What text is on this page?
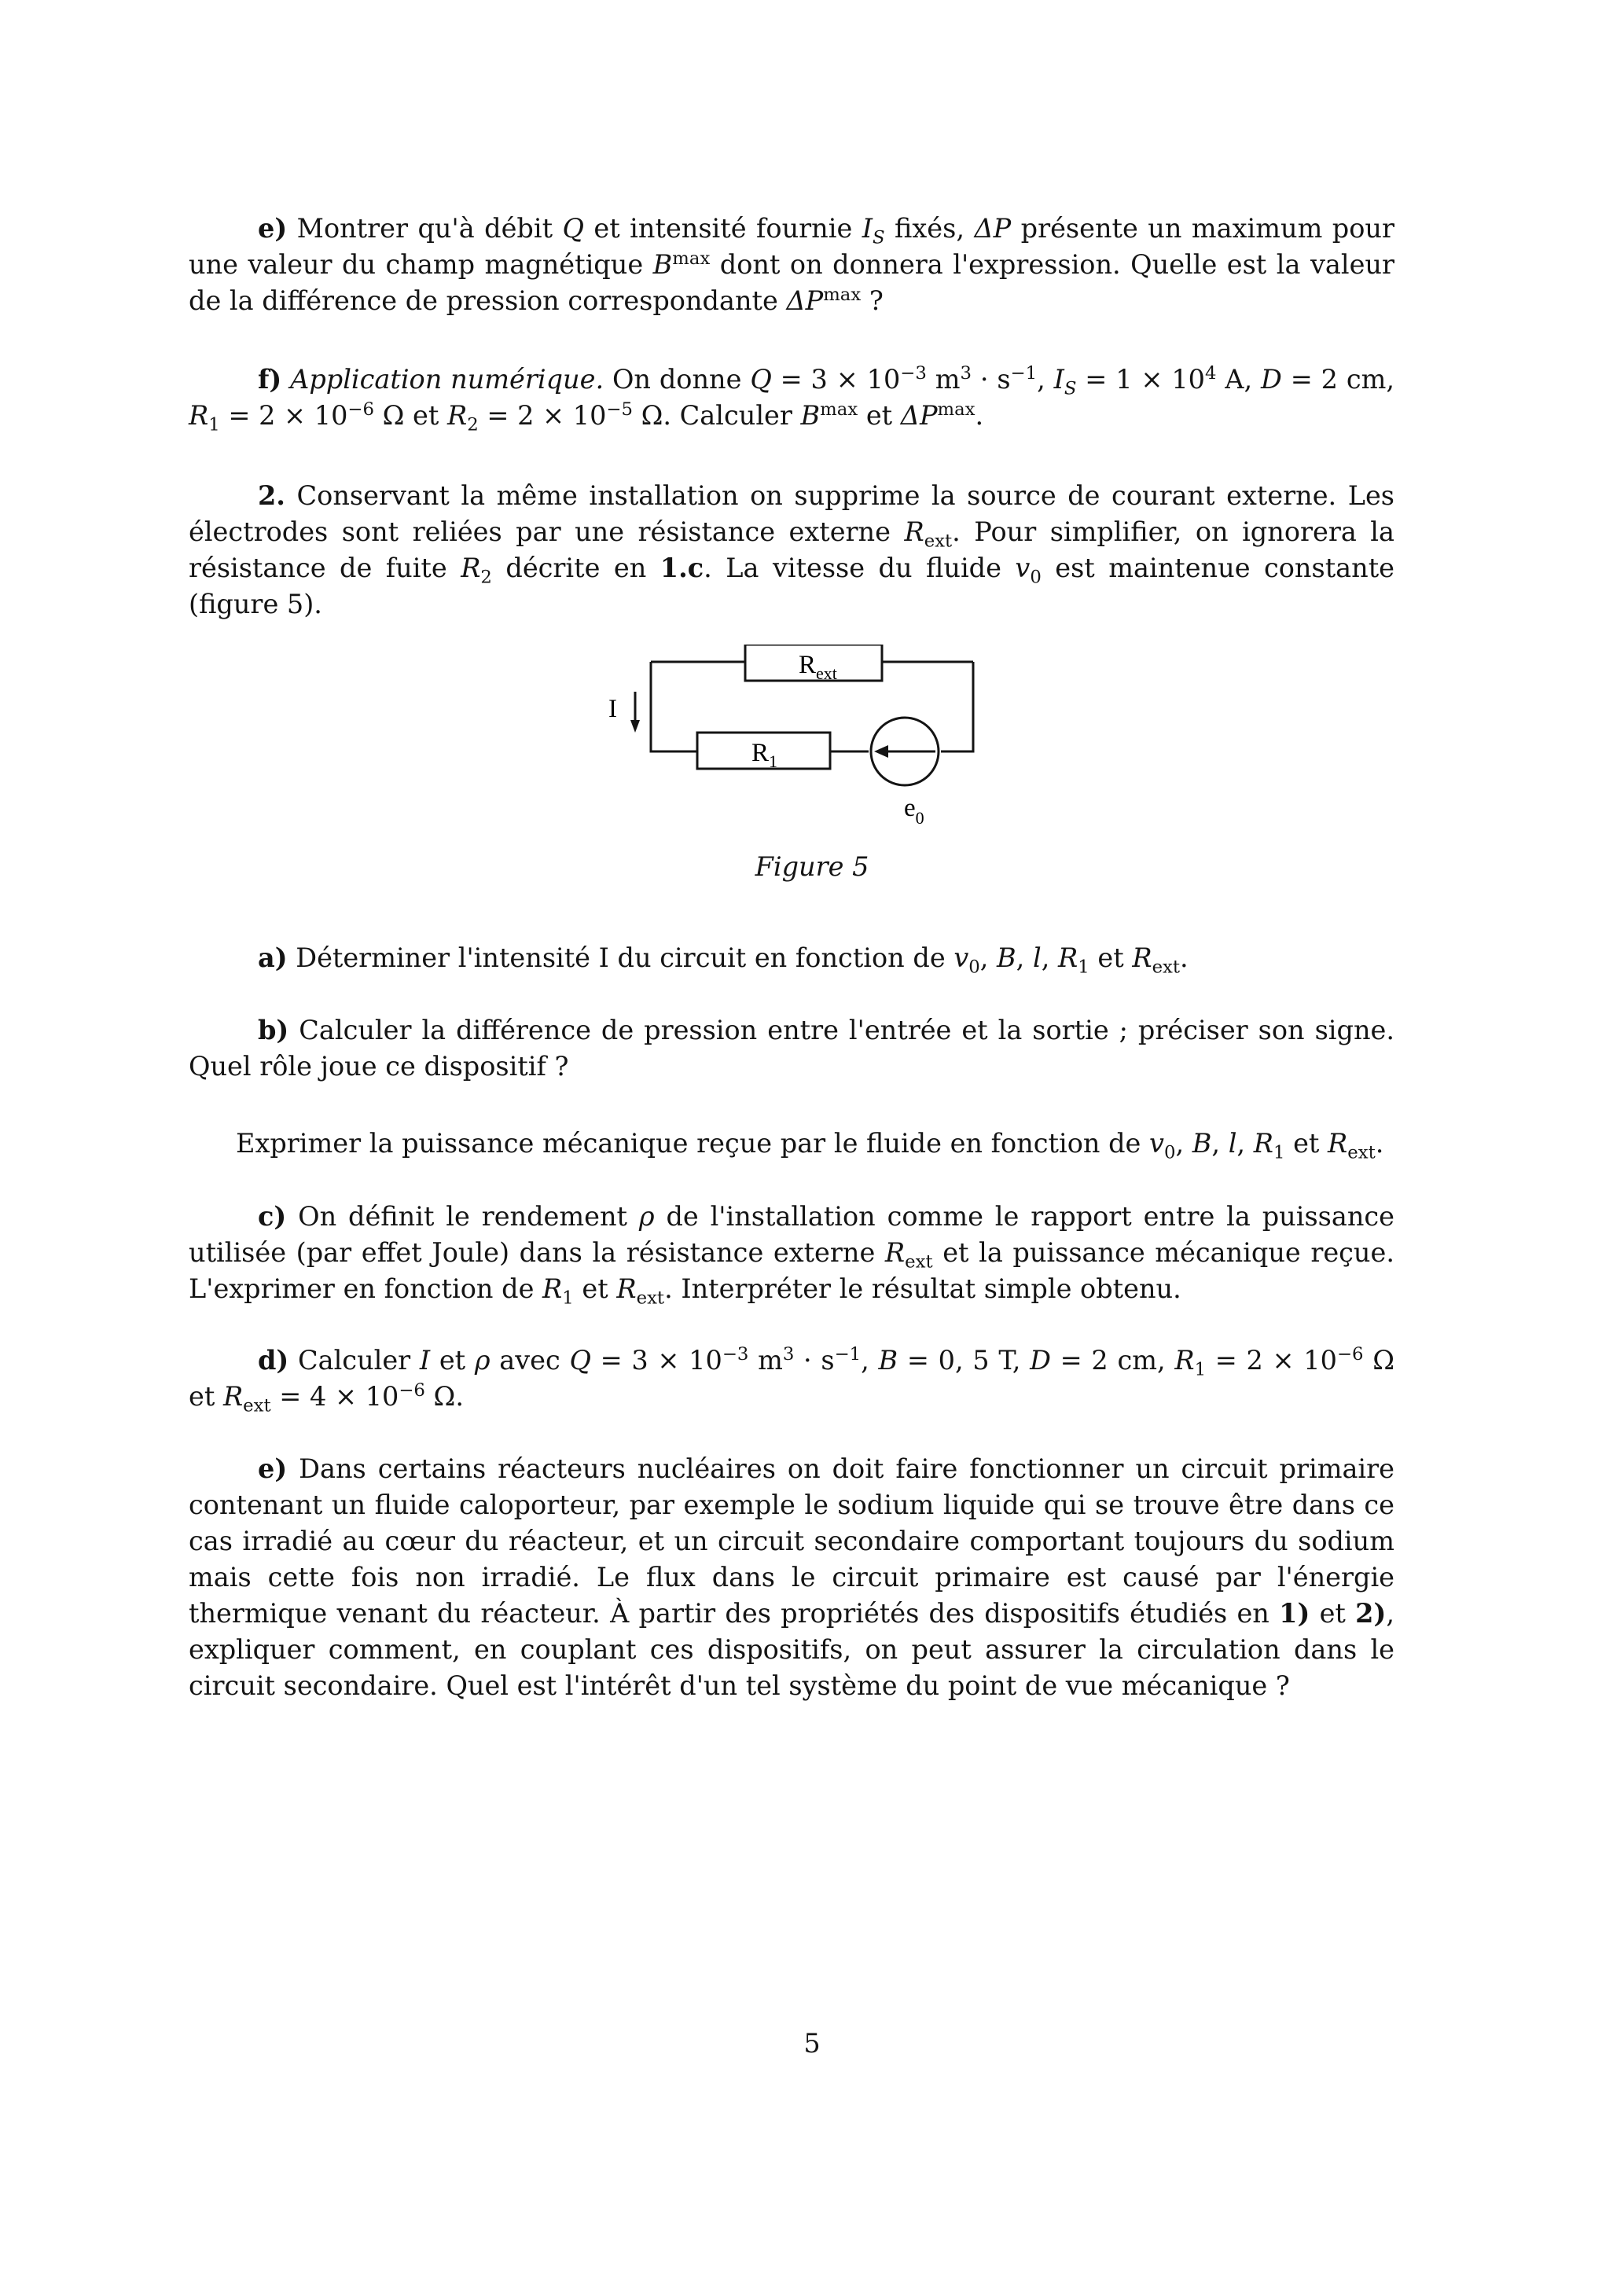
e) Montrer qu'à débit Q et intensité fournie $I_S$ fixés, ΔP présente un maximum pour une valeur du champ magnétique $B^{max}$ dont on donnera l'expression. Quelle est la valeur de la différence de pression correspondante $\Delta P^{max}$ ?

f) Application numérique. On donne $Q = 3 \times 10^{-3}$ $m^3 \cdot s^{-1}$, $I_S = 1 \times 10^4$ A, D = 2 cm, $R_1 = 2 \times 10^{-6}$ Ω et $R_2 = 2 \times 10^{-5}$ Ω. Calculer $B^{max}$ et $\Delta P^{max}$.

2. Conservant la même installation on supprime la source de courant externe. Les électrodes sont reliées par une résistance externe $R_{ext}$. Pour simplifier, on ignorera la résistance de fuite $R_2$ décrite en 1.c. La vitesse du fluide $v_0$ est maintenue constante (figure 5).

$R_{ext}$
$R_1$
I
$e_0$
Figure 5

a) Déterminer l'intensité I du circuit en fonction de $v_0$, B, l, $R_1$ et $R_{ext}$.

b) Calculer la différence de pression entre l'entrée et la sortie ; préciser son signe. Quel rôle joue ce dispositif ?

Exprimer la puissance mécanique reçue par le fluide en fonction de $v_0$, B, l, $R_1$ et $R_{ext}$.

c) On définit le rendement ρ de l'installation comme le rapport entre la puissance utilisée (par effet Joule) dans la résistance externe $R_{ext}$ et la puissance mécanique reçue. L'exprimer en fonction de $R_1$ et $R_{ext}$. Interpréter le résultat simple obtenu.

d) Calculer I et ρ avec $Q = 3 \times 10^{-3}$ $m^3 \cdot s^{-1}$, B = 0, 5 T, D = 2 cm, $R_1 = 2 \times 10^{-6}$ Ω et $R_{ext} = 4 \times 10^{-6}$ Ω.

e) Dans certains réacteurs nucléaires on doit faire fonctionner un circuit primaire contenant un fluide caloporteur, par exemple le sodium liquide qui se trouve être dans ce cas irradié au cœur du réacteur, et un circuit secondaire comportant toujours du sodium mais cette fois non irradié. Le flux dans le circuit primaire est causé par l'énergie thermique venant du réacteur. À partir des propriétés des dispositifs étudiés en 1) et 2), expliquer comment, en couplant ces dispositifs, on peut assurer la circulation dans le circuit secondaire. Quel est l'intérêt d'un tel système du point de vue mécanique ?

5
